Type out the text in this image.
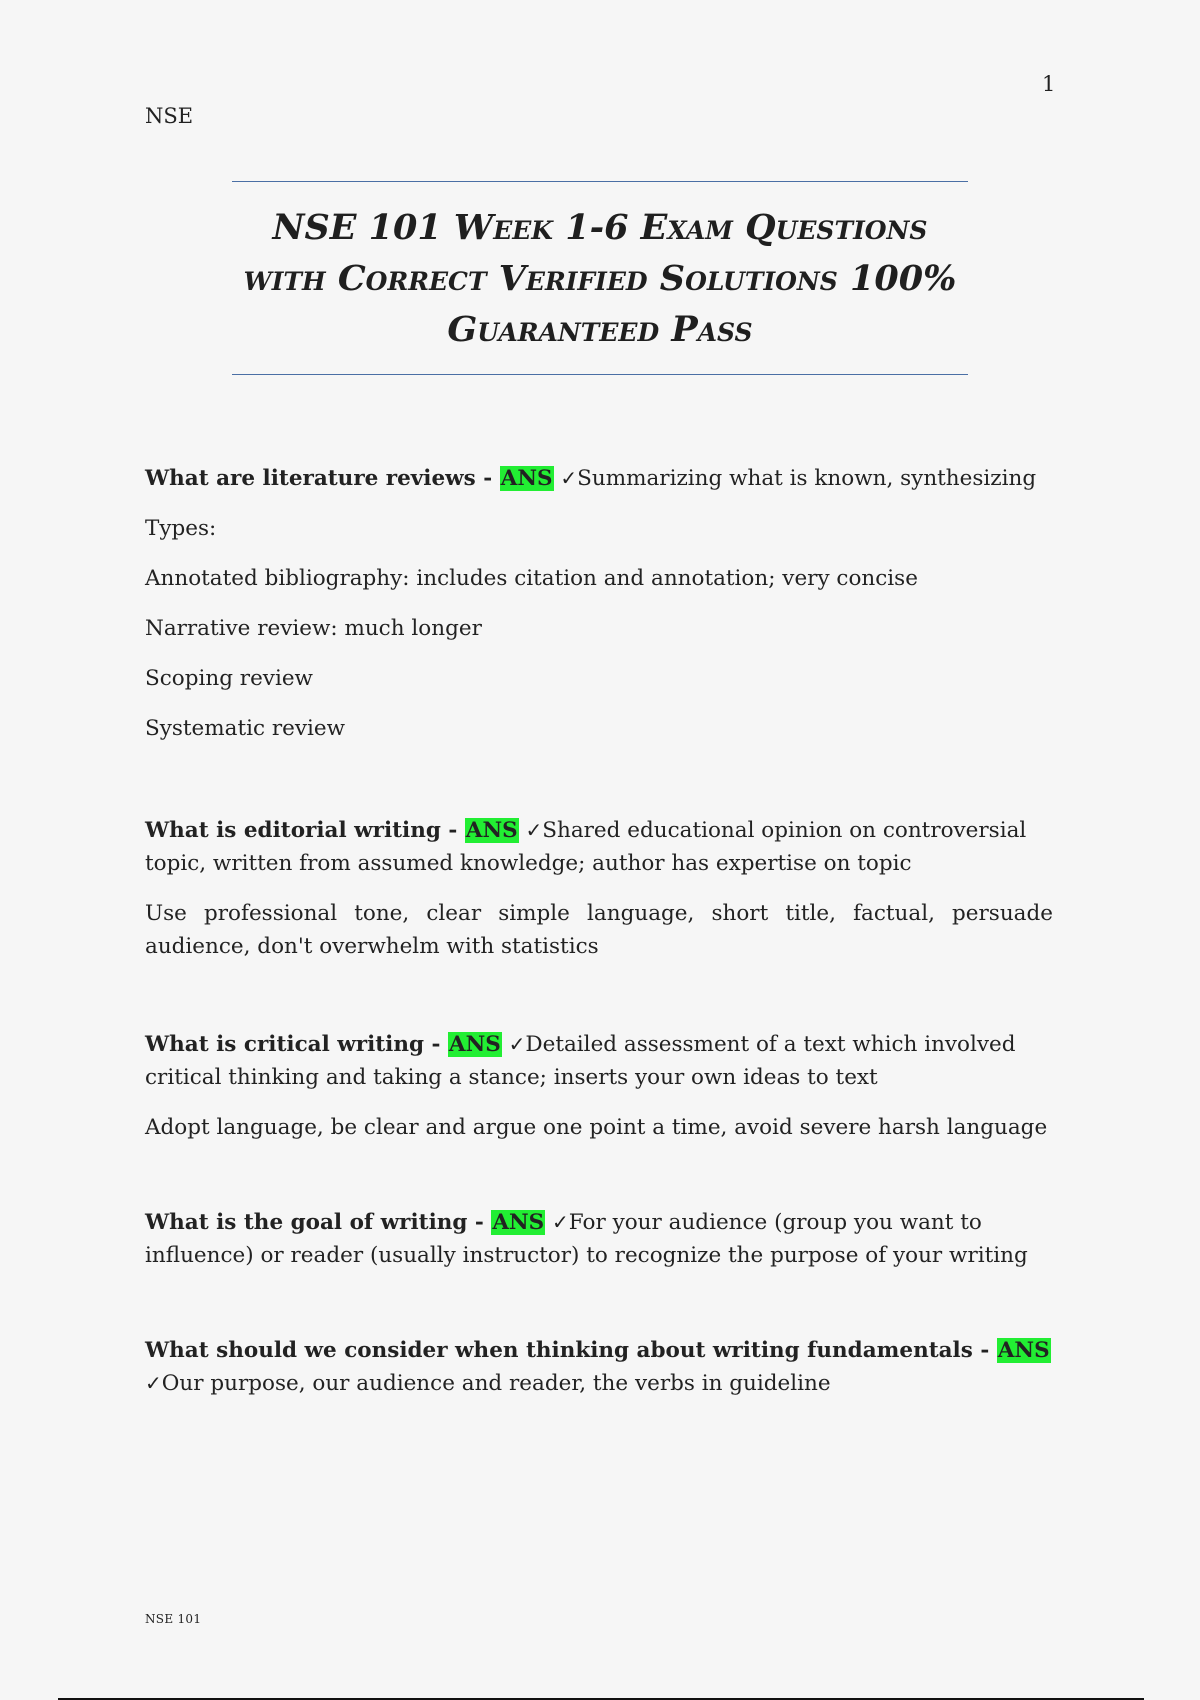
1
NSE
NSE 101 Week 1-6 Exam Questions with Correct Verified Solutions 100% Guaranteed Pass

What are literature reviews - ANS ✓Summarizing what is known, synthesizing

Types:

Annotated bibliography: includes citation and annotation; very concise

Narrative review: much longer

Scoping review

Systematic review

What is editorial writing - ANS ✓Shared educational opinion on controversial topic, written from assumed knowledge; author has expertise on topic

Use professional tone, clear simple language, short title, factual, persuade audience, don't overwhelm with statistics

What is critical writing - ANS ✓Detailed assessment of a text which involved critical thinking and taking a stance; inserts your own ideas to text

Adopt language, be clear and argue one point a time, avoid severe harsh language

What is the goal of writing - ANS ✓For your audience (group you want to influence) or reader (usually instructor) to recognize the purpose of your writing

What should we consider when thinking about writing fundamentals - ANS ✓Our purpose, our audience and reader, the verbs in guideline

NSE 101
